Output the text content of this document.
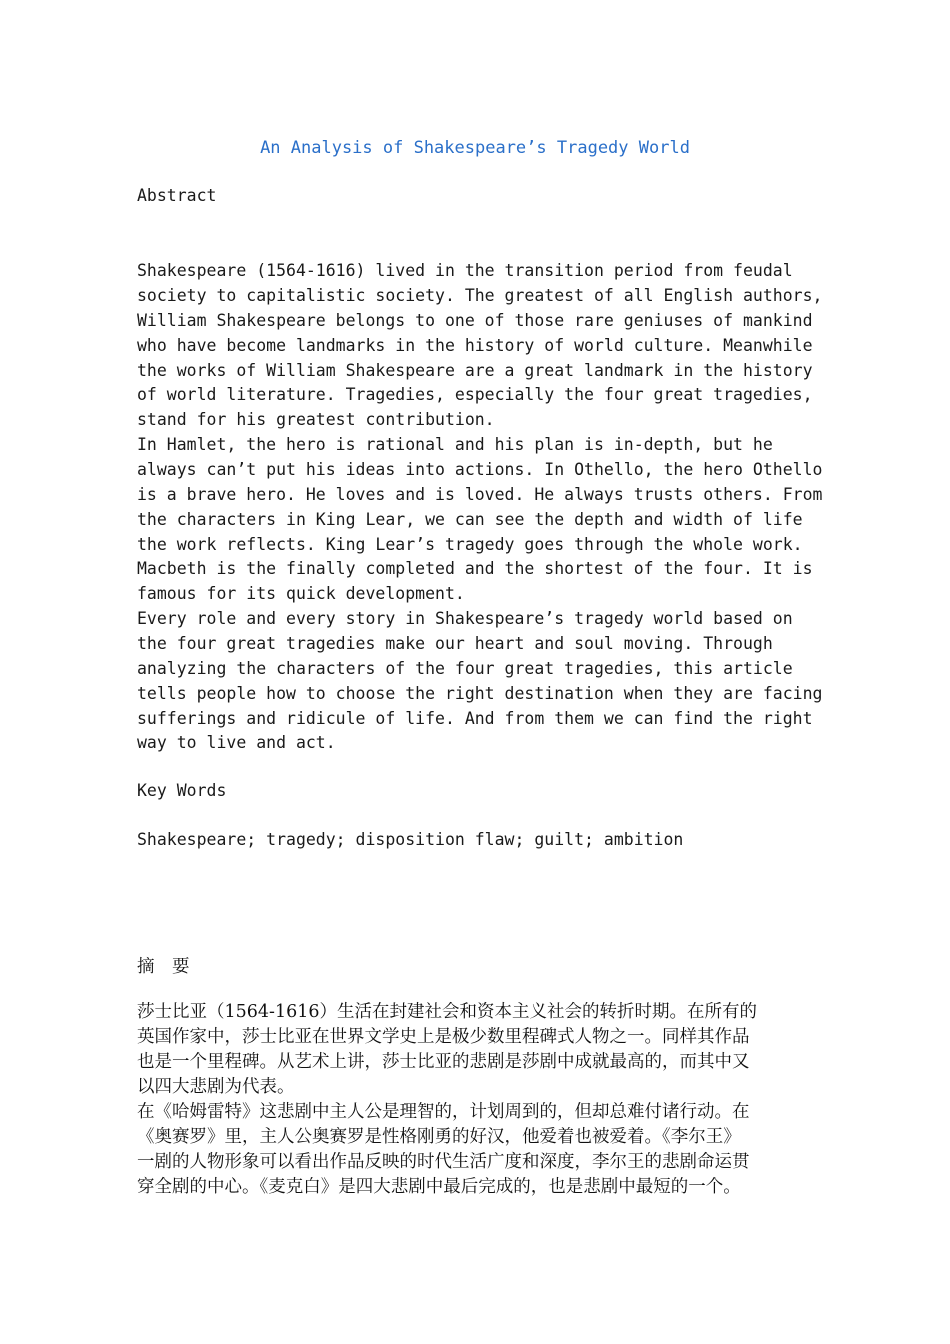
An Analysis of Shakespeare’s Tragedy World
Abstract
Shakespeare (1564-1616) lived in the transition period from feudal
society to capitalistic society. The greatest of all English authors,
William Shakespeare belongs to one of those rare geniuses of mankind
who have become landmarks in the history of world culture. Meanwhile
the works of William Shakespeare are a great landmark in the history
of world literature. Tragedies, especially the four great tragedies,
stand for his greatest contribution.
In Hamlet, the hero is rational and his plan is in-depth, but he
always can’t put his ideas into actions. In Othello, the hero Othello
is a brave hero. He loves and is loved. He always trusts others. From
the characters in King Lear, we can see the depth and width of life
the work reflects. King Lear’s tragedy goes through the whole work.
Macbeth is the finally completed and the shortest of the four. It is
famous for its quick development.
Every role and every story in Shakespeare’s tragedy world based on
the four great tragedies make our heart and soul moving. Through
analyzing the characters of the four great tragedies, this article
tells people how to choose the right destination when they are facing
sufferings and ridicule of life. And from them we can find the right
way to live and act.
Key Words
Shakespeare; tragedy; disposition flaw; guilt; ambition
摘　要
莎士比亚（1564-1616）生活在封建社会和资本主义社会的转折时期。在所有的
英国作家中，莎士比亚在世界文学史上是极少数里程碑式人物之一。同样其作品
也是一个里程碑。从艺术上讲，莎士比亚的悲剧是莎剧中成就最高的，而其中又
以四大悲剧为代表。
在《哈姆雷特》这悲剧中主人公是理智的，计划周到的，但却总难付诸行动。在
《奥赛罗》里，主人公奥赛罗是性格刚勇的好汉，他爱着也被爱着。《李尔王》
一剧的人物形象可以看出作品反映的时代生活广度和深度，李尔王的悲剧命运贯
穿全剧的中心。《麦克白》是四大悲剧中最后完成的，也是悲剧中最短的一个。
